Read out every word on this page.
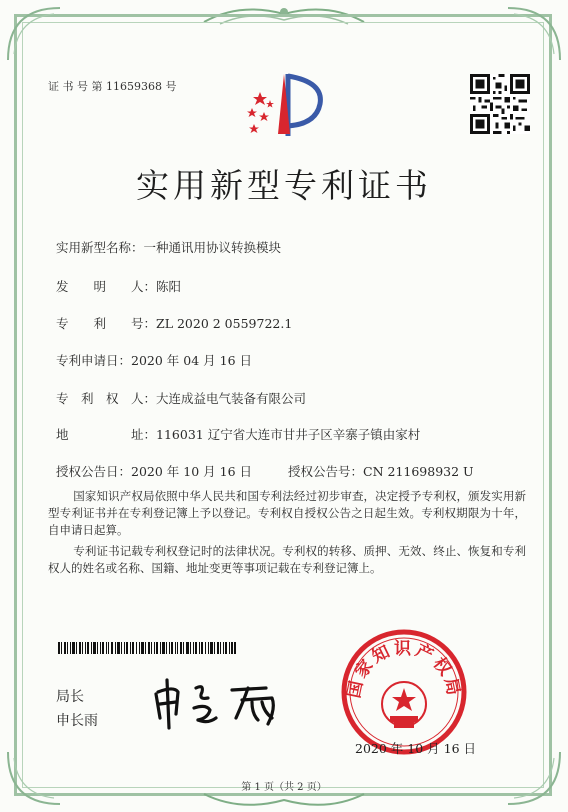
证 书 号 第 11659368 号
实用新型专利证书
实用新型名称：一种通讯用协议转换模块
发　　明　　人：陈阳
专　　利　　号：ZL 2020 2 0559722.1
专利申请日：2020 年 04 月 16 日
专　利　权　人：大连成益电气装备有限公司
地　　　　　址：116031 辽宁省大连市甘井子区辛寨子镇由家村
授权公告日：2020 年 10 月 16 日	授权公告号：CN 211698932 U
国家知识产权局依照中华人民共和国专利法经过初步审查，决定授予专利权，颁发实用新型专利证书并在专利登记簿上予以登记。专利权自授权公告之日起生效。专利权期限为十年，自申请日起算。
专利证书记载专利权登记时的法律状况。专利权的转移、质押、无效、终止、恢复和专利权人的姓名或名称、国籍、地址变更等事项记载在专利登记簿上。
局长
申长雨
国家知识产权局
2020 年 10 月 16 日
第 1 页（共 2 页）
